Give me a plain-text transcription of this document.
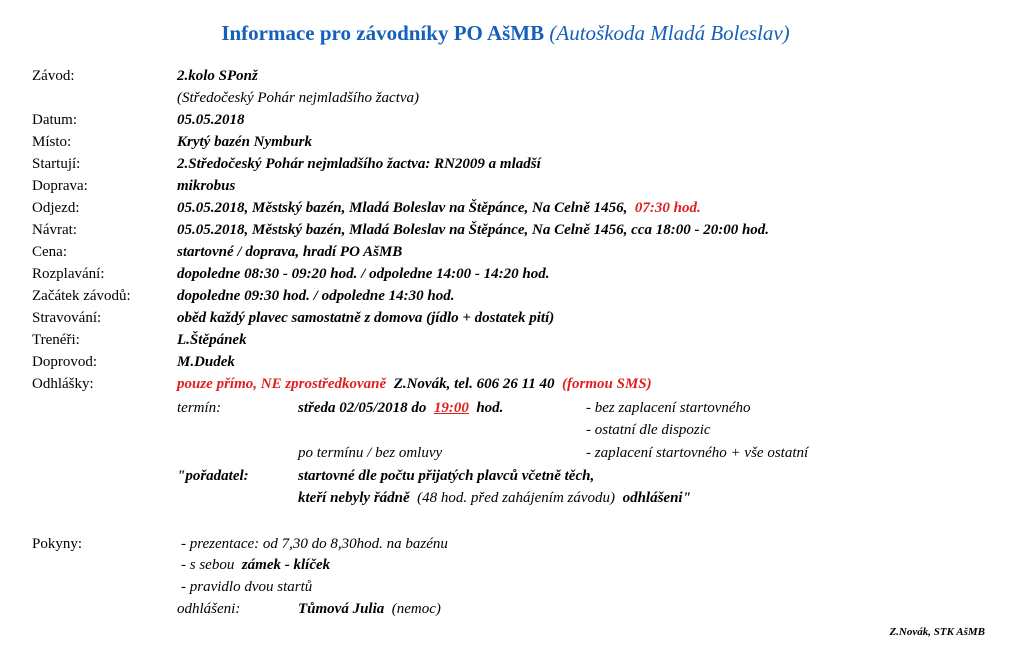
Informace pro závodníky PO AšMB (Autoškoda Mladá Boleslav)
Závod:	2.kolo SPonž
(Středočeský Pohár nejmladšího žactva)
Datum:	05.05.2018
Místo:	Krytý bazén Nymburk
Startují:	2.Středočeský Pohár nejmladšího žactva: RN2009 a mladší
Doprava:	mikrobus
Odjezd:	05.05.2018, Městský bazén, Mladá Boleslav na Štěpánce, Na Celně 1456, 07:30 hod.
Návrat:	05.05.2018, Městský bazén, Mladá Boleslav na Štěpánce, Na Celně 1456, cca 18:00 - 20:00 hod.
Cena:	startovné / doprava, hradí PO AšMB
Rozplavání:	dopoledne 08:30 - 09:20 hod. / odpoledne 14:00 - 14:20 hod.
Začátek závodů:	dopoledne 09:30 hod. / odpoledne 14:30 hod.
Stravování:	oběd každý plavec samostatně z domova (jídlo + dostatek pití)
Trenéři:	L.Štěpánek
Doprovod:	M.Dudek
Odhlášky:	pouze přímo, NE zprostředkovaně Z.Novák, tel. 606 26 11 40 (formou SMS)
termín:	středa 02/05/2018 do 19:00 hod.	- bez zaplacení startovného
- ostatní dle dispozic
po termínu / bez omluvy	- zaplacení startovného + vše ostatní
"pořadatel:	startovné dle počtu přijatých plavců včetně těch,
kteří nebyly řádně (48 hod. před zahájením závodu) odhlášeni"
Pokyny:	- prezentace: od 7,30 do 8,30hod. na bazénu
- s sebou zámek - klíček
- pravidlo dvou startů
odhlášeni:	Tůmová Julia (nemoc)
Z.Novák, STK AšMB
